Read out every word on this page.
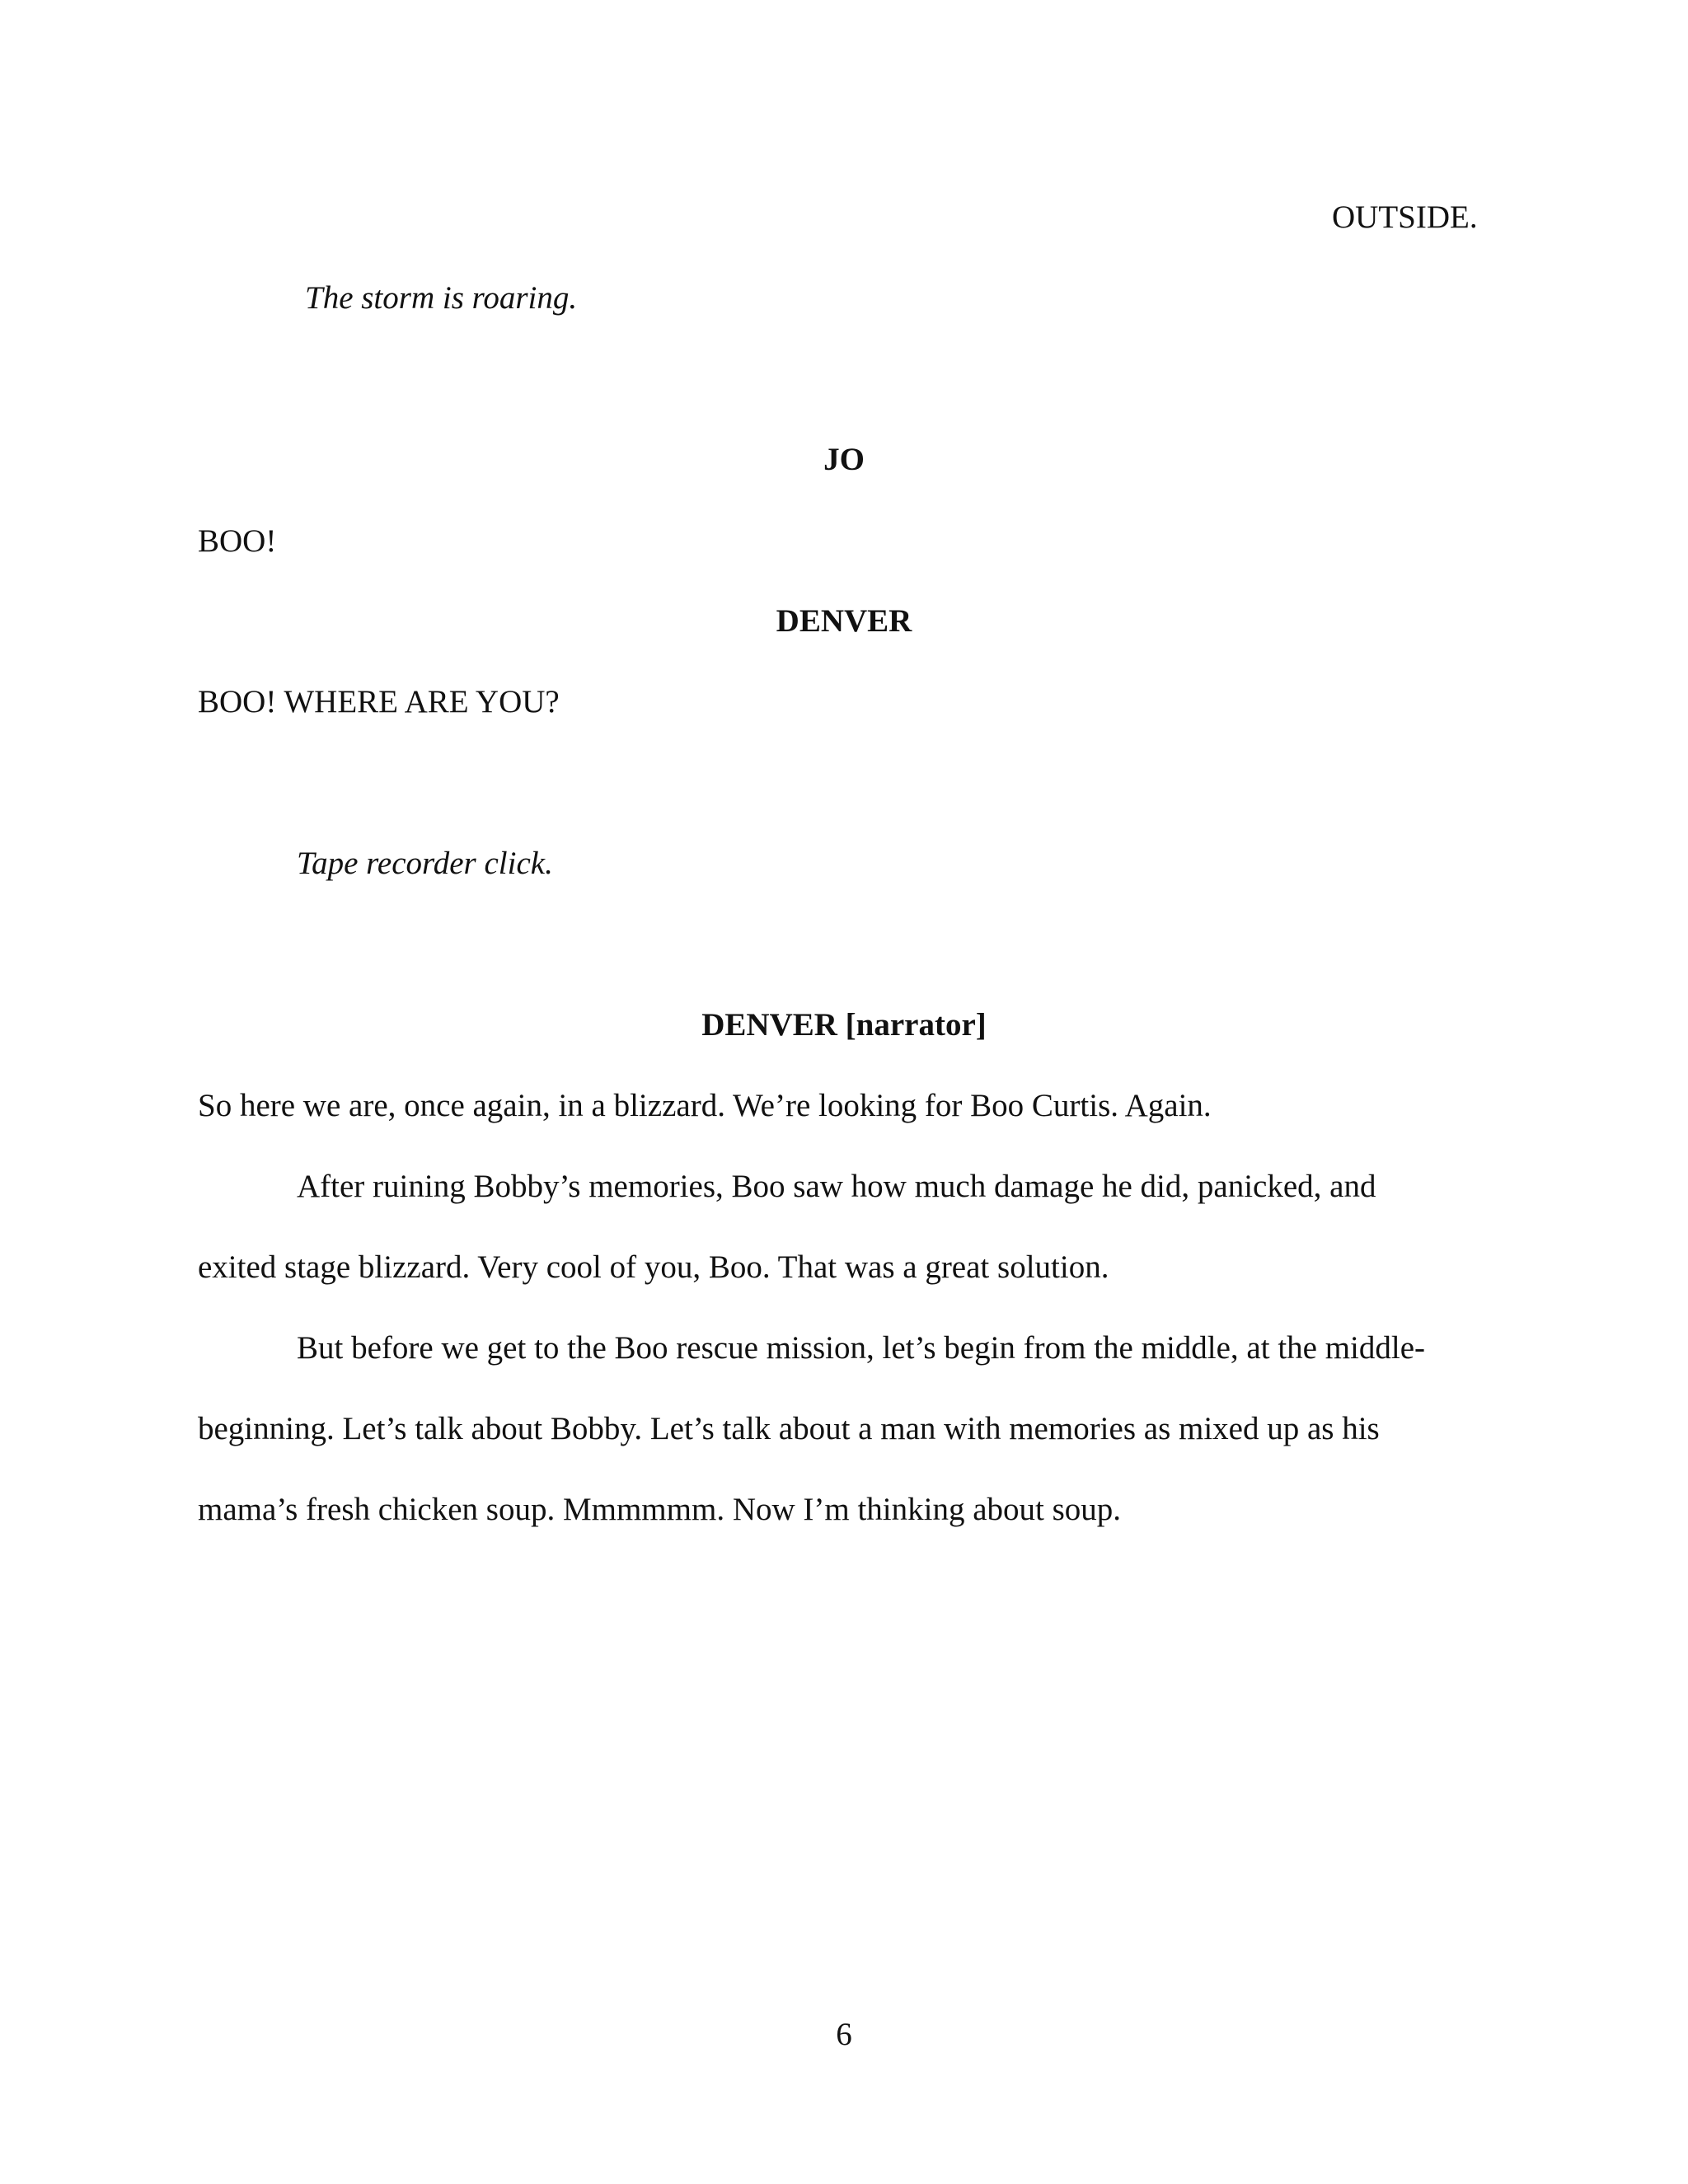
OUTSIDE.

The storm is roaring.

JO

BOO!

DENVER

BOO! WHERE ARE YOU?

Tape recorder click.

DENVER [narrator]

So here we are, once again, in a blizzard. We’re looking for Boo Curtis. Again.

After ruining Bobby’s memories, Boo saw how much damage he did, panicked, and

exited stage blizzard. Very cool of you, Boo. That was a great solution.

But before we get to the Boo rescue mission, let’s begin from the middle, at the middle-

beginning. Let’s talk about Bobby. Let’s talk about a man with memories as mixed up as his

mama’s fresh chicken soup. Mmmmmm. Now I’m thinking about soup.

6
